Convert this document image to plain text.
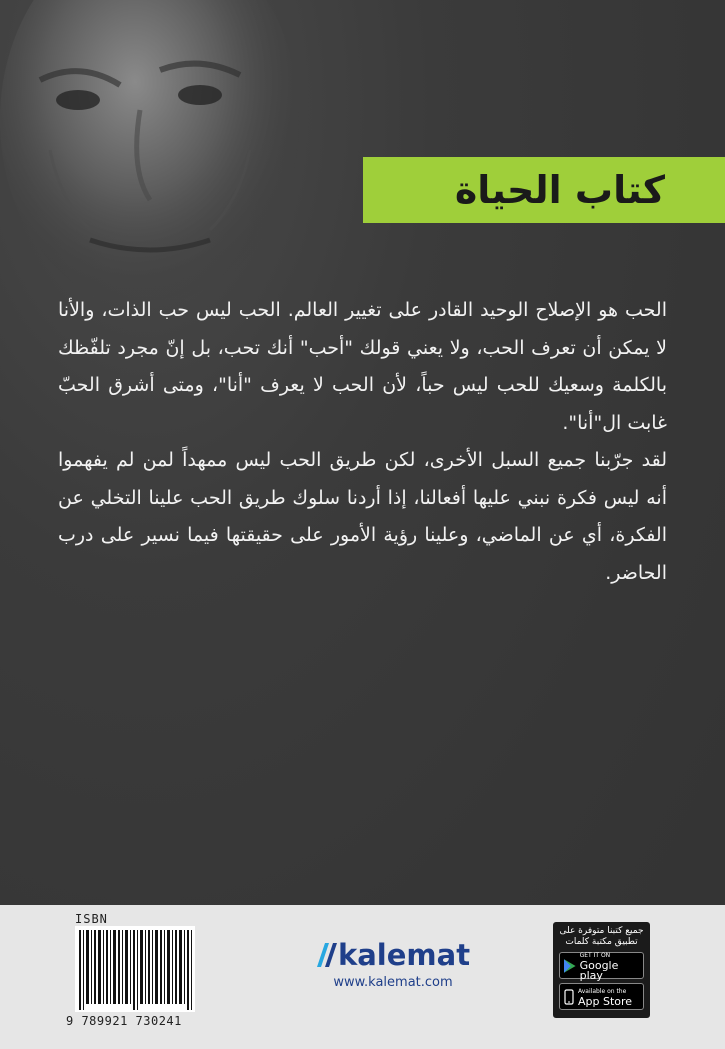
كتاب الحياة

الحب هو الإصلاح الوحيد القادر على تغيير العالم. الحب ليس حب الذات، والأنا لا يمكن أن تعرف الحب، ولا يعني قولك "أحب" أنك تحب، بل إنّ مجرد تلفّظك بالكلمة وسعيك للحب ليس حباً، لأن الحب لا يعرف "أنا"، ومتى أشرق الحبّ غابت ال"أنا".

لقد جرّبنا جميع السبل الأخرى، لكن طريق الحب ليس ممهداً لمن لم يفهموا أنه ليس فكرة نبني عليها أفعالنا، إذا أردنا سلوك طريق الحب علينا التخلي عن الفكرة، أي عن الماضي، وعلينا رؤية الأمور على حقيقتها فيما نسير على درب الحاضر.

ISBN
9 789921 730241
kalemat
www.kalemat.com
جميع كتبنا متوفرة على تطبيق مكتبة كلمات
GET IT ON
Google play
Available on the
App Store
